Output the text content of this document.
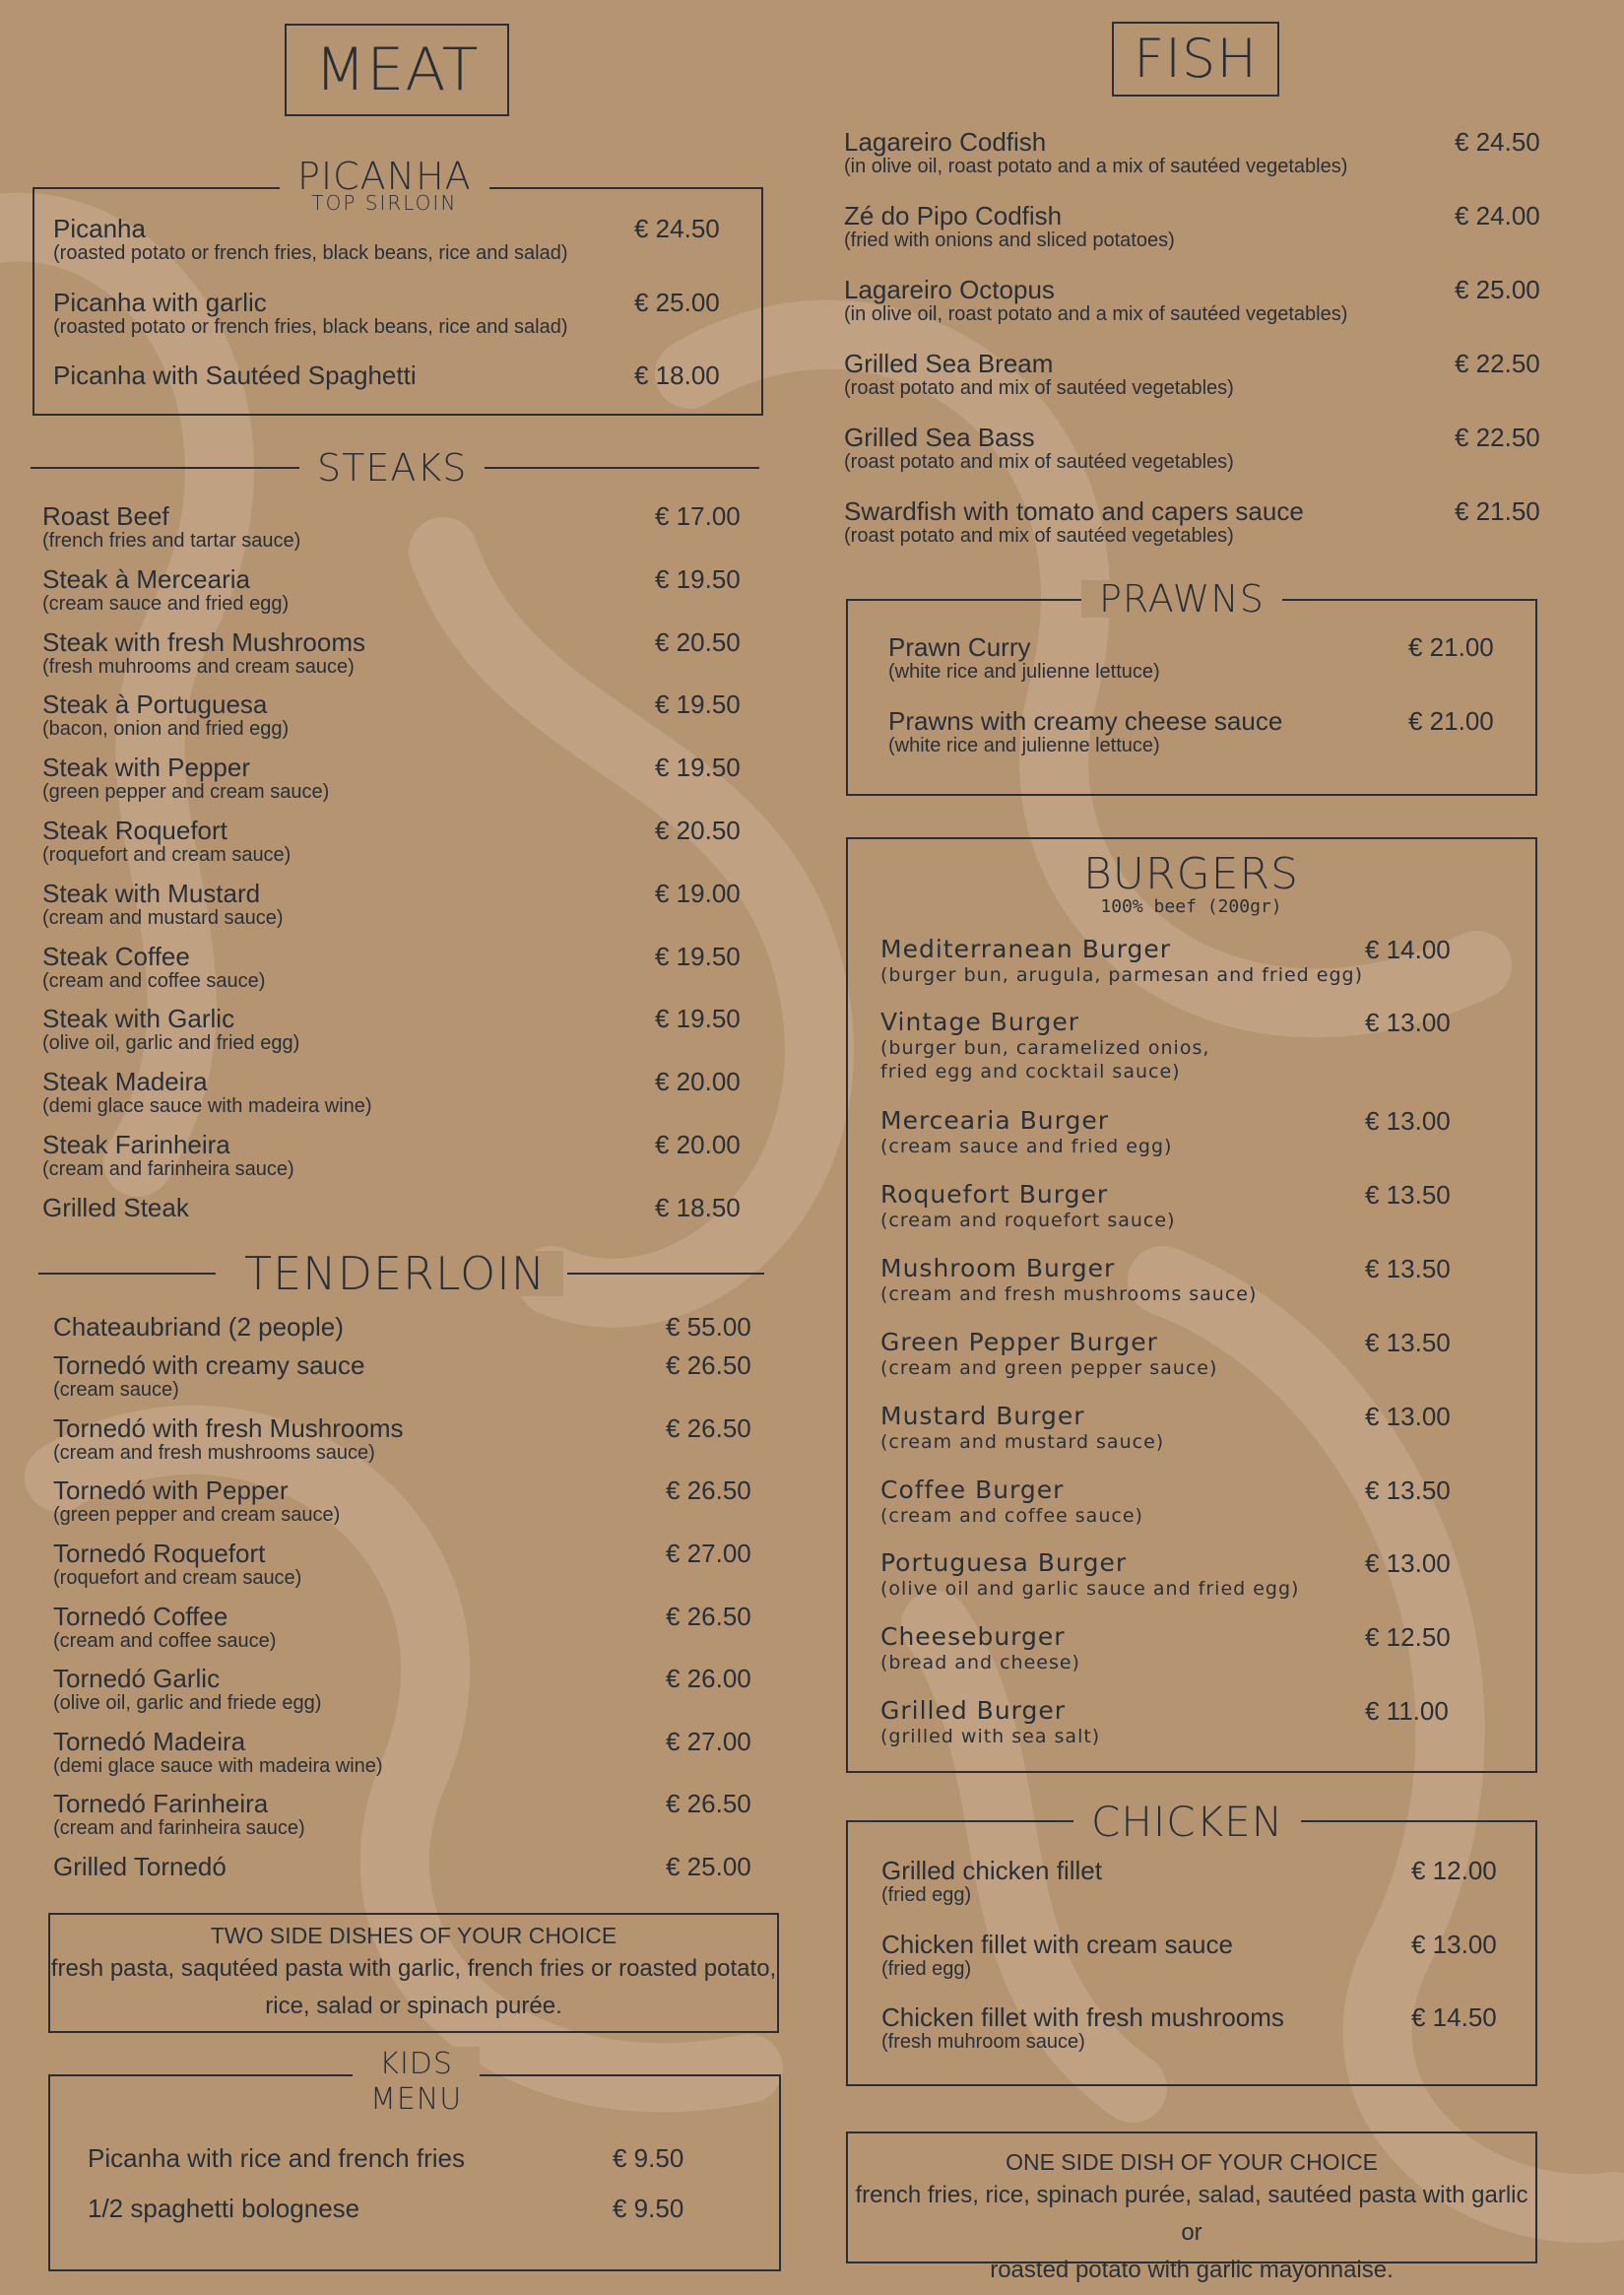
MEAT
PICANHA
TOP SIRLOIN
Picanha
(roasted potato or french fries, black beans, rice and salad)
€ 24.50
Picanha with garlic
(roasted potato or french fries, black beans, rice and salad)
€ 25.00
Picanha with Sautéed Spaghetti	€ 18.00
STEAKS
Roast Beef
(french fries and tartar sauce)
€ 17.00
Steak à Mercearia
(cream sauce and fried egg)
€ 19.50
Steak with fresh Mushrooms
(fresh muhrooms and cream sauce)
€ 20.50
Steak à Portuguesa
(bacon, onion and fried egg)
€ 19.50
Steak with Pepper
(green pepper and cream sauce)
€ 19.50
Steak Roquefort
(roquefort and cream sauce)
€ 20.50
Steak with Mustard
(cream and mustard sauce)
€ 19.00
Steak Coffee
(cream and coffee sauce)
€ 19.50
Steak with Garlic
(olive oil, garlic and fried egg)
€ 19.50
Steak Madeira
(demi glace sauce with madeira wine)
€ 20.00
Steak Farinheira
(cream and farinheira sauce)
€ 20.00
Grilled Steak	€ 18.50
TENDERLOIN
Chateaubriand (2 people)	€ 55.00
Tornedó with creamy sauce
(cream sauce)
€ 26.50
Tornedó with fresh Mushrooms
(cream and fresh mushrooms sauce)
€ 26.50
Tornedó with Pepper
(green pepper and cream sauce)
€ 26.50
Tornedó Roquefort
(roquefort and cream sauce)
€ 27.00
Tornedó Coffee
(cream and coffee sauce)
€ 26.50
Tornedó Garlic
(olive oil, garlic and friede egg)
€ 26.00
Tornedó Madeira
(demi glace sauce with madeira wine)
€ 27.00
Tornedó Farinheira
(cream and farinheira sauce)
€ 26.50
Grilled Tornedó	€ 25.00
TWO SIDE DISHES OF YOUR CHOICE
fresh pasta, saqutéed pasta with garlic, french fries or roasted potato,
rice, salad or spinach purée.
KIDS
MENU
Picanha with rice and french fries	€ 9.50
1/2 spaghetti bolognese	€ 9.50
FISH
Lagareiro Codfish
(in olive oil, roast potato and a mix of sautéed vegetables)
€ 24.50
Zé do Pipo Codfish
(fried with onions and sliced potatoes)
€ 24.00
Lagareiro Octopus
(in olive oil, roast potato and a mix of sautéed vegetables)
€ 25.00
Grilled Sea Bream
(roast potato and mix of sautéed vegetables)
€ 22.50
Grilled Sea Bass
(roast potato and mix of sautéed vegetables)
€ 22.50
Swardfish with tomato and capers sauce
(roast potato and mix of sautéed vegetables)
€ 21.50
PRAWNS
Prawn Curry
(white rice and julienne lettuce)
€ 21.00
Prawns with creamy cheese sauce
(white rice and julienne lettuce)
€ 21.00
BURGERS
100% beef (200gr)
Mediterranean Burger
(burger bun, arugula, parmesan and fried egg)
€ 14.00
Vintage Burger
(burger bun, caramelized onios,
fried egg and cocktail sauce)
€ 13.00
Mercearia Burger
(cream sauce and fried egg)
€ 13.00
Roquefort Burger
(cream and roquefort sauce)
€ 13.50
Mushroom Burger
(cream and fresh mushrooms sauce)
€ 13.50
Green Pepper Burger
(cream and green pepper sauce)
€ 13.50
Mustard Burger
(cream and mustard sauce)
€ 13.00
Coffee Burger
(cream and coffee sauce)
€ 13.50
Portuguesa Burger
(olive oil and garlic sauce and fried egg)
€ 13.00
Cheeseburger
(bread and cheese)
€ 12.50
Grilled Burger
(grilled with sea salt)
€ 11.00
CHICKEN
Grilled chicken fillet
(fried egg)
€ 12.00
Chicken fillet with cream sauce
(fried egg)
€ 13.00
Chicken fillet with fresh mushrooms
(fresh muhroom sauce)
€ 14.50
ONE SIDE DISH OF YOUR CHOICE
french fries, rice, spinach purée, salad, sautéed pasta with garlic or
roasted potato with garlic mayonnaise.
